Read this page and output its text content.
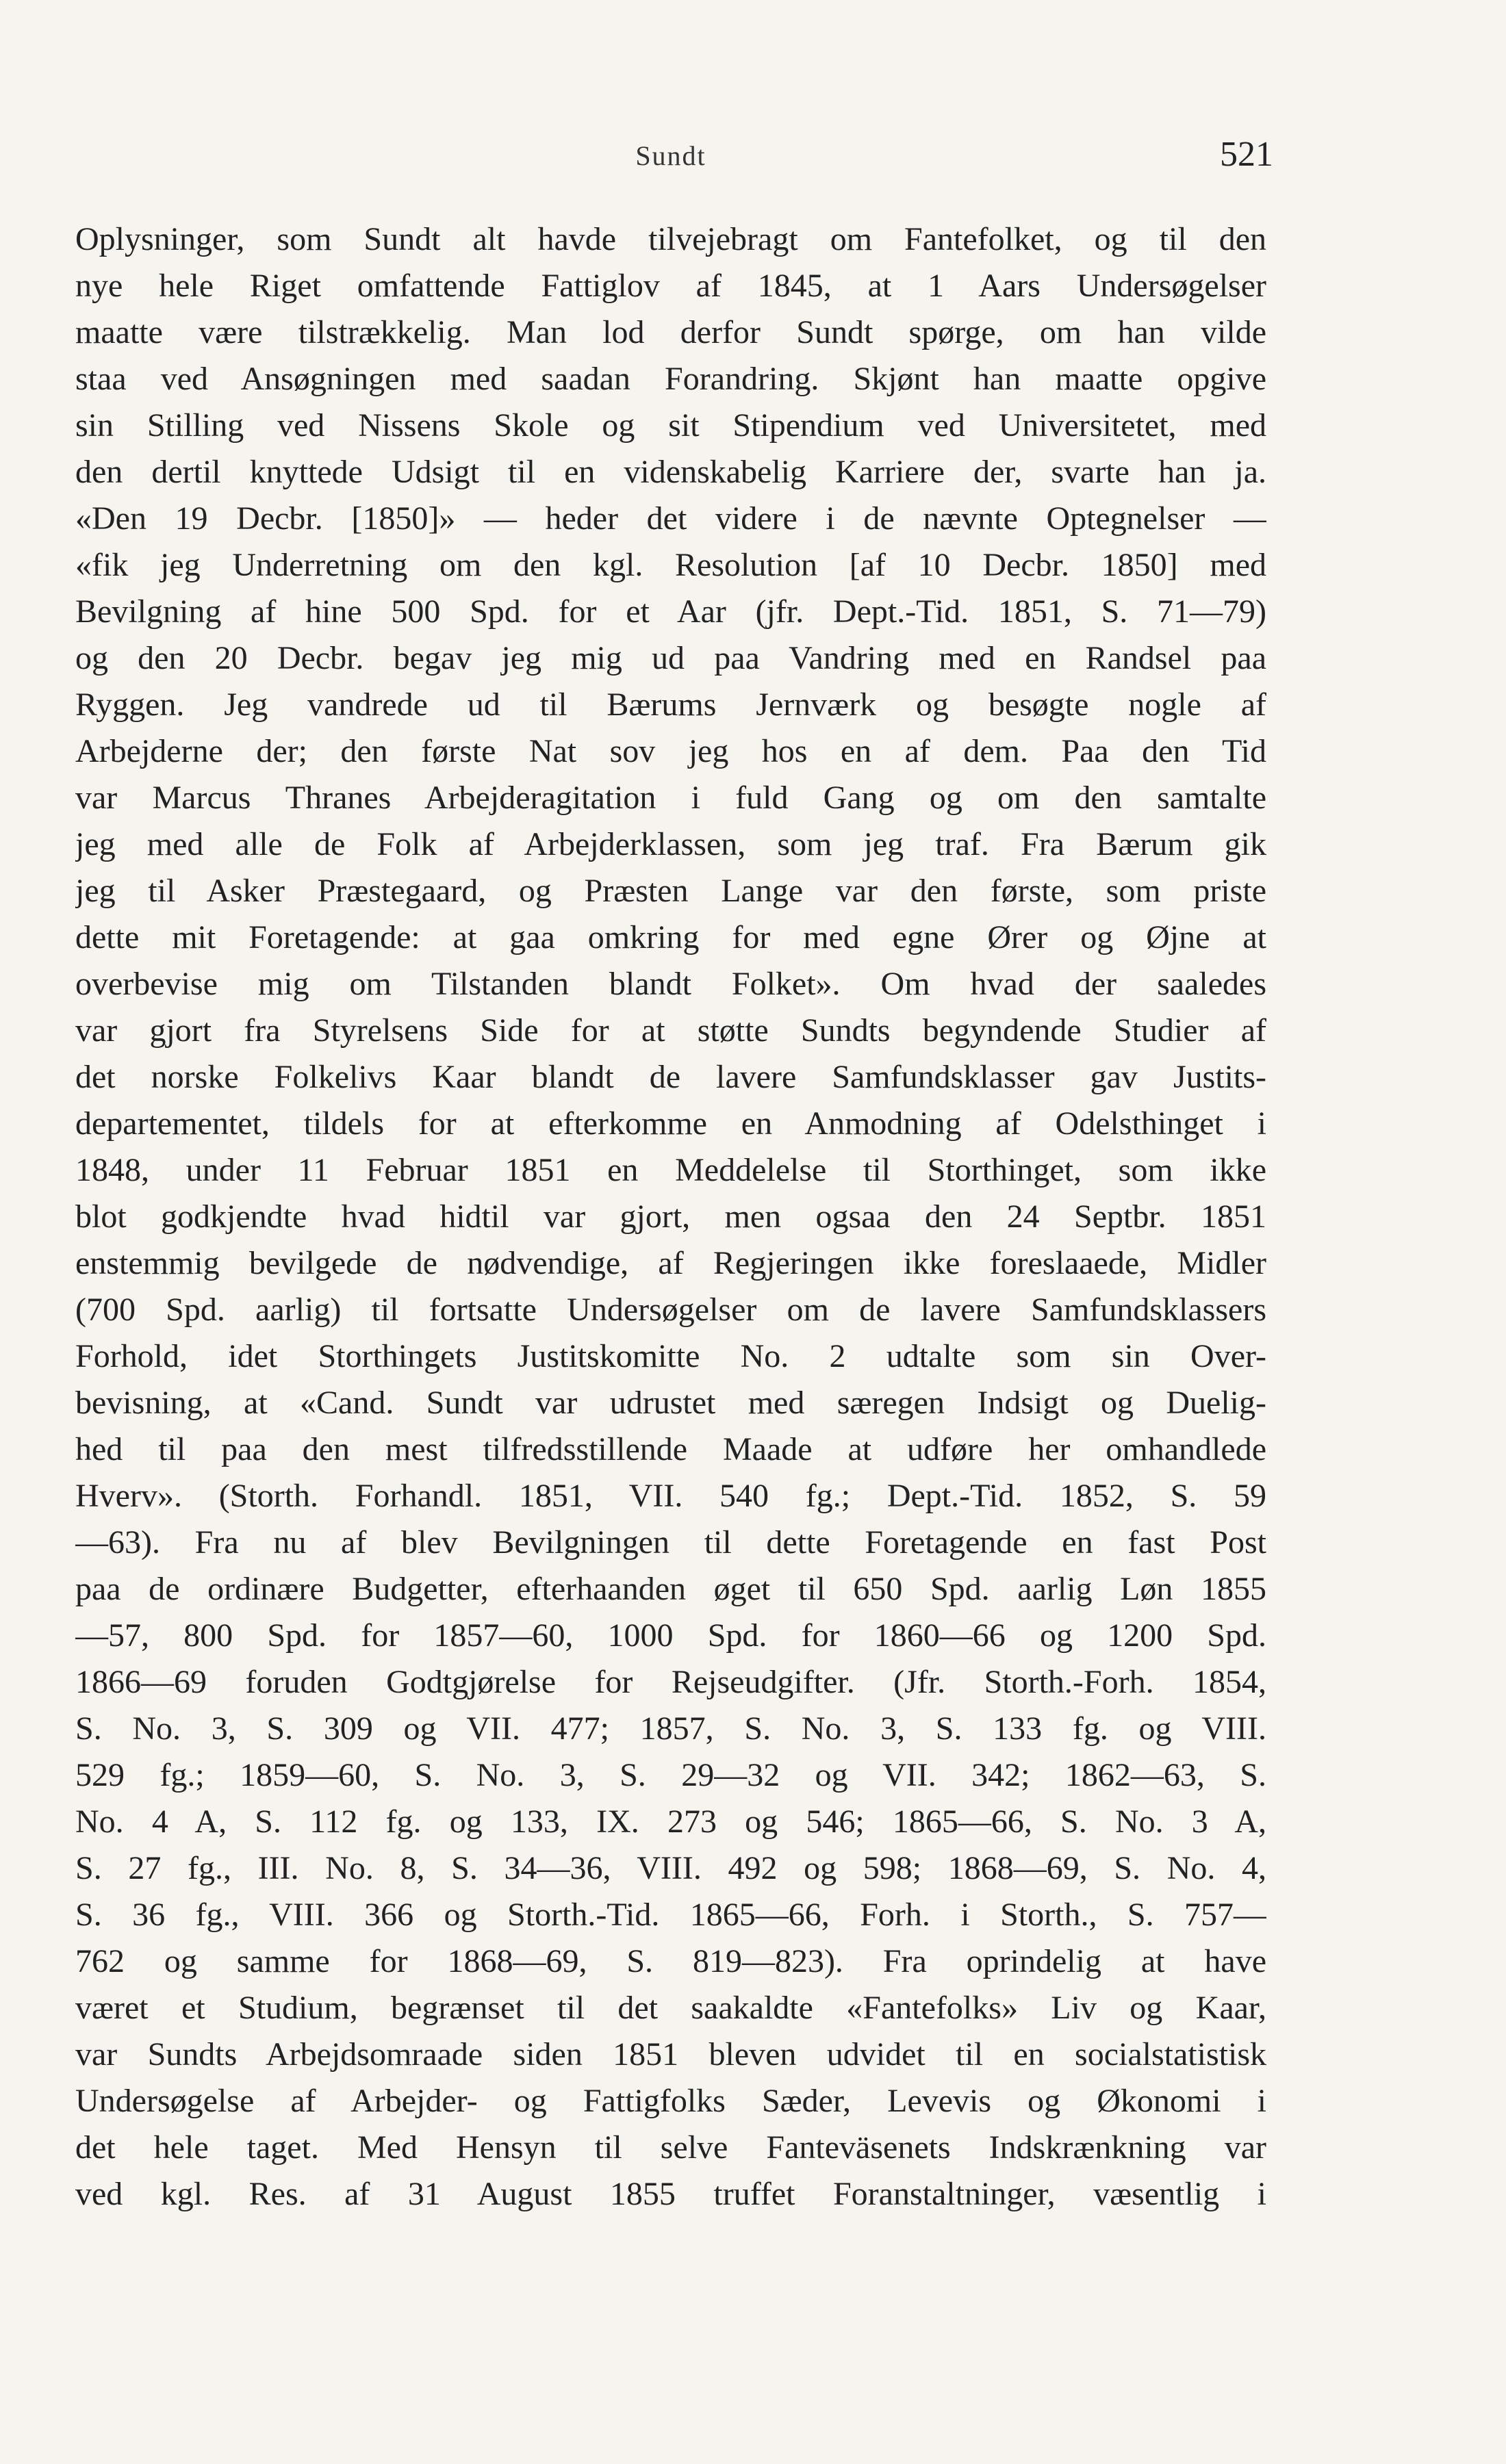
Sundt	521
Oplysninger, som Sundt alt havde tilvejebragt om Fantefolket, og til den
nye hele Riget omfattende Fattiglov af 1845, at 1 Aars Undersøgelser
maatte være tilstrækkelig. Man lod derfor Sundt spørge, om han vilde
staa ved Ansøgningen med saadan Forandring. Skjønt han maatte opgive
sin Stilling ved Nissens Skole og sit Stipendium ved Universitetet, med
den dertil knyttede Udsigt til en videnskabelig Karriere der, svarte han ja.
«Den 19 Decbr. [1850]» — heder det videre i de nævnte Optegnelser —
«fik jeg Underretning om den kgl. Resolution [af 10 Decbr. 1850] med
Bevilgning af hine 500 Spd. for et Aar (jfr. Dept.-Tid. 1851, S. 71—79)
og den 20 Decbr. begav jeg mig ud paa Vandring med en Randsel paa
Ryggen. Jeg vandrede ud til Bærums Jernværk og besøgte nogle af
Arbejderne der; den første Nat sov jeg hos en af dem. Paa den Tid
var Marcus Thranes Arbejderagitation i fuld Gang og om den samtalte
jeg med alle de Folk af Arbejderklassen, som jeg traf. Fra Bærum gik
jeg til Asker Præstegaard, og Præsten Lange var den første, som priste
dette mit Foretagende: at gaa omkring for med egne Ører og Øjne at
overbevise mig om Tilstanden blandt Folket». Om hvad der saaledes
var gjort fra Styrelsens Side for at støtte Sundts begyndende Studier af
det norske Folkelivs Kaar blandt de lavere Samfundsklasser gav Justits-
departementet, tildels for at efterkomme en Anmodning af Odelsthinget i
1848, under 11 Februar 1851 en Meddelelse til Storthinget, som ikke
blot godkjendte hvad hidtil var gjort, men ogsaa den 24 Septbr. 1851
enstemmig bevilgede de nødvendige, af Regjeringen ikke foreslaaede, Midler
(700 Spd. aarlig) til fortsatte Undersøgelser om de lavere Samfundsklassers
Forhold, idet Storthingets Justitskomitte No. 2 udtalte som sin Over-
bevisning, at «Cand. Sundt var udrustet med særegen Indsigt og Duelig-
hed til paa den mest tilfredsstillende Maade at udføre her omhandlede
Hverv». (Storth. Forhandl. 1851, VII. 540 fg.; Dept.-Tid. 1852, S. 59
—63). Fra nu af blev Bevilgningen til dette Foretagende en fast Post
paa de ordinære Budgetter, efterhaanden øget til 650 Spd. aarlig Løn 1855
—57, 800 Spd. for 1857—60, 1000 Spd. for 1860—66 og 1200 Spd.
1866—69 foruden Godtgjørelse for Rejseudgifter. (Jfr. Storth.-Forh. 1854,
S. No. 3, S. 309 og VII. 477; 1857, S. No. 3, S. 133 fg. og VIII.
529 fg.; 1859—60, S. No. 3, S. 29—32 og VII. 342; 1862—63, S.
No. 4 A, S. 112 fg. og 133, IX. 273 og 546; 1865—66, S. No. 3 A,
S. 27 fg., III. No. 8, S. 34—36, VIII. 492 og 598; 1868—69, S. No. 4,
S. 36 fg., VIII. 366 og Storth.-Tid. 1865—66, Forh. i Storth., S. 757—
762 og samme for 1868—69, S. 819—823). Fra oprindelig at have
været et Studium, begrænset til det saakaldte «Fantefolks» Liv og Kaar,
var Sundts Arbejdsomraade siden 1851 bleven udvidet til en socialstatistisk
Undersøgelse af Arbejder- og Fattigfolks Sæder, Levevis og Økonomi i
det hele taget. Med Hensyn til selve Fanteväsenets Indskrænkning var
ved kgl. Res. af 31 August 1855 truffet Foranstaltninger, væsentlig i
